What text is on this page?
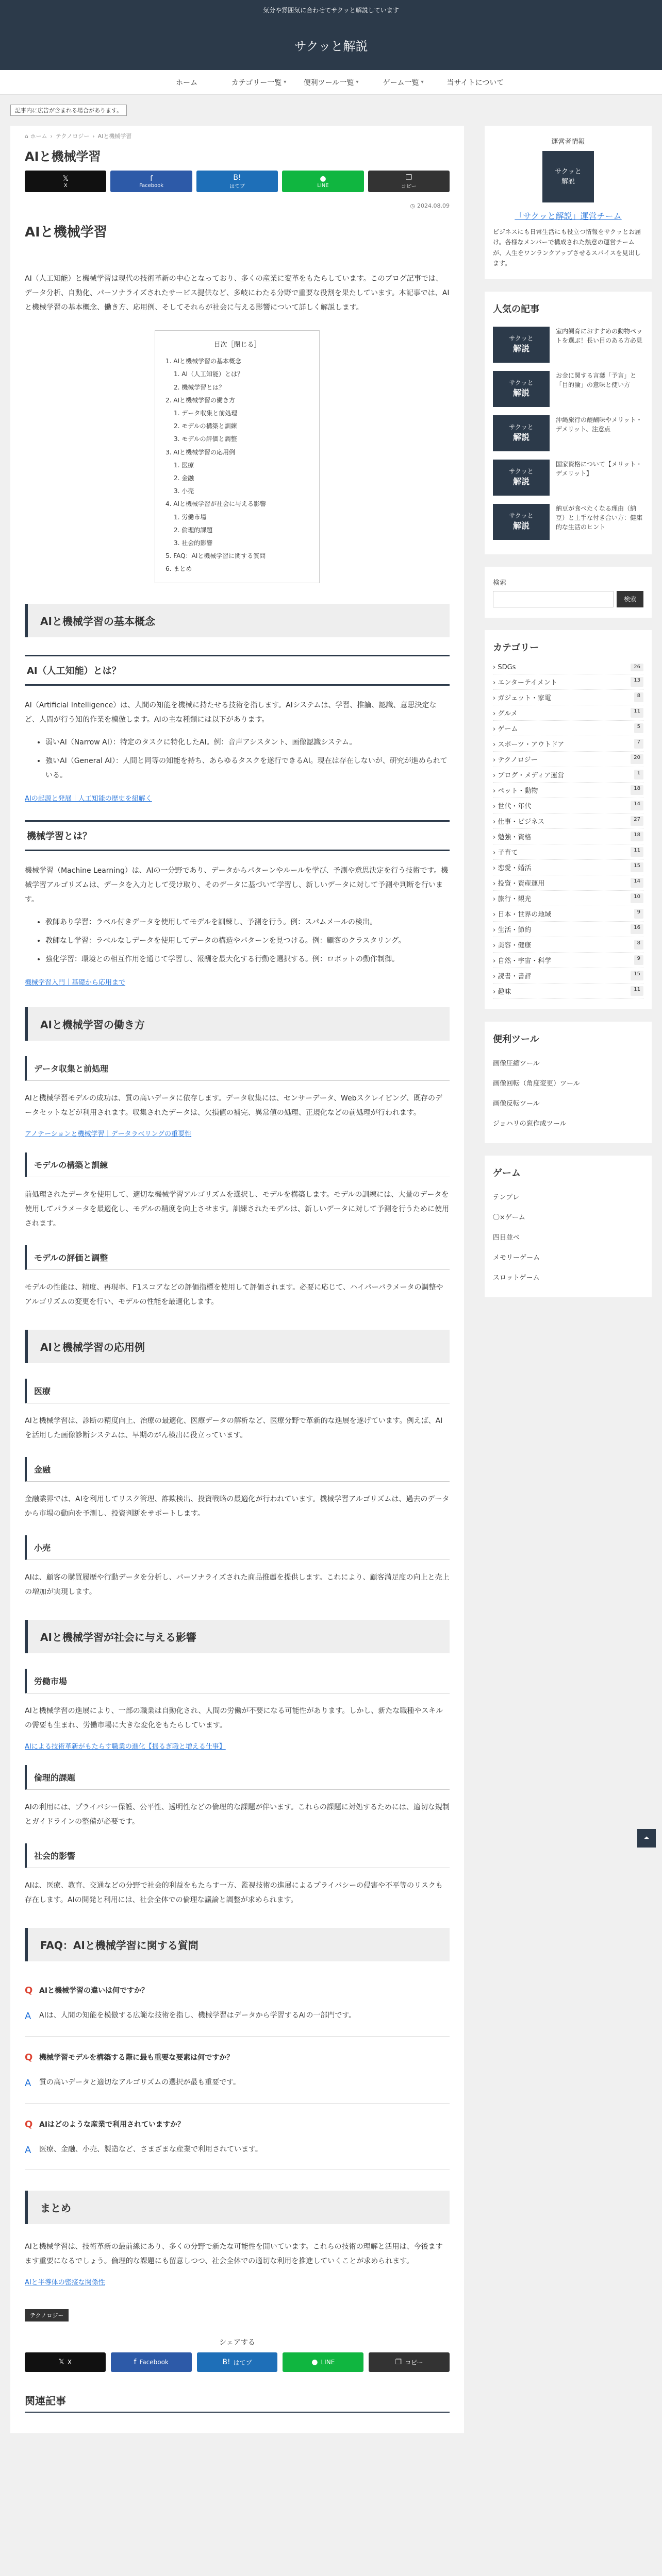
気分や雰囲気に合わせてサクッと解説しています
サクッと解説
ホーム	カテゴリー一覧 ▾ 便利ツール一覧 ▾	ゲーム一覧 ▾	当サイトについて
記事内に広告が含まれる場合があります。
⌂ ホーム › テクノロジー › AIと機械学習
AIと機械学習
𝕏
X
f
Facebook
B!
はてブ
●
LINE
❐
コピー
◷ 2024.08.09
AIと機械学習

AI（人工知能）と機械学習は現代の技術革新の中心となっており、多くの産業に変革をもたらしています。このブログ記事では、データ分析、自動化、パーソナライズされたサービス提供など、多岐にわたる分野で重要な役割を果たしています。本記事では、AIと機械学習の基本概念、働き方、応用例、そしてそれらが社会に与える影響について詳しく解説します。

目次［閉じる］
1. AIと機械学習の基本概念
1. AI（人工知能）とは？
2. 機械学習とは？
2. AIと機械学習の働き方
1. データ収集と前処理
2. モデルの構築と訓練
3. モデルの評価と調整
3. AIと機械学習の応用例
1. 医療
2. 金融
3. 小売
4. AIと機械学習が社会に与える影響
1. 労働市場
2. 倫理的課題
3. 社会的影響
5. FAQ：AIと機械学習に関する質問
6. まとめ
AIと機械学習の基本概念
AI（人工知能）とは？

AI（Artificial Intelligence）は、人間の知能を機械に持たせる技術を指します。AIシステムは、学習、推論、認識、意思決定など、人間が行う知的作業を模倣します。AIの主な種類には以下があります。

• 弱いAI（Narrow AI）：特定のタスクに特化したAI。例：音声アシスタント、画像認識システム。
• 強いAI（General AI）：人間と同等の知能を持ち、あらゆるタスクを遂行できるAI。現在は存在しないが、研究が進められている。
AIの起源と発展｜人工知能の歴史を紐解く
機械学習とは？

機械学習（Machine Learning）は、AIの一分野であり、データからパターンやルールを学び、予測や意思決定を行う技術です。機械学習アルゴリズムは、データを入力として受け取り、そのデータに基づいて学習し、新しいデータに対して予測や判断を行います。

• 教師あり学習：ラベル付きデータを使用してモデルを訓練し、予測を行う。例：スパムメールの検出。
• 教師なし学習：ラベルなしデータを使用してデータの構造やパターンを見つける。例：顧客のクラスタリング。
• 強化学習：環境との相互作用を通じて学習し、報酬を最大化する行動を選択する。例：ロボットの動作制御。
機械学習入門｜基礎から応用まで
AIと機械学習の働き方
データ収集と前処理

AIと機械学習モデルの成功は、質の高いデータに依存します。データ収集には、センサーデータ、Webスクレイピング、既存のデータセットなどが利用されます。収集されたデータは、欠損値の補完、異常値の処理、正規化などの前処理が行われます。

アノテーションと機械学習｜データラベリングの重要性
モデルの構築と訓練

前処理されたデータを使用して、適切な機械学習アルゴリズムを選択し、モデルを構築します。モデルの訓練には、大量のデータを使用してパラメータを最適化し、モデルの精度を向上させます。訓練されたモデルは、新しいデータに対して予測を行うために使用されます。

モデルの評価と調整

モデルの性能は、精度、再現率、F1スコアなどの評価指標を使用して評価されます。必要に応じて、ハイパーパラメータの調整やアルゴリズムの変更を行い、モデルの性能を最適化します。

AIと機械学習の応用例
医療

AIと機械学習は、診断の精度向上、治療の最適化、医療データの解析など、医療分野で革新的な進展を遂げています。例えば、AIを活用した画像診断システムは、早期のがん検出に役立っています。

金融

金融業界では、AIを利用してリスク管理、詐欺検出、投資戦略の最適化が行われています。機械学習アルゴリズムは、過去のデータから市場の動向を予測し、投資判断をサポートします。

小売

AIは、顧客の購買履歴や行動データを分析し、パーソナライズされた商品推薦を提供します。これにより、顧客満足度の向上と売上の増加が実現します。

AIと機械学習が社会に与える影響
労働市場

AIと機械学習の進展により、一部の職業は自動化され、人間の労働が不要になる可能性があります。しかし、新たな職種やスキルの需要も生まれ、労働市場に大きな変化をもたらしています。

AIによる技術革新がもたらす職業の進化【揺るぎ職と増える仕事】
倫理的課題

AIの利用には、プライバシー保護、公平性、透明性などの倫理的な課題が伴います。これらの課題に対処するためには、適切な規制とガイドラインの整備が必要です。

社会的影響

AIは、医療、教育、交通などの分野で社会的利益をもたらす一方、監視技術の進展によるプライバシーの侵害や不平等のリスクも存在します。AIの開発と利用には、社会全体での倫理な議論と調整が求められます。

FAQ：AIと機械学習に関する質問
Q AIと機械学習の違いは何ですか？
A AIは、人間の知能を模倣する広範な技術を指し、機械学習はデータから学習するAIの一部門です。
Q 機械学習モデルを構築する際に最も重要な要素は何ですか？
A 質の高いデータと適切なアルゴリズムの選択が最も重要です。
Q AIはどのような産業で利用されていますか？
A 医療、金融、小売、製造など、さまざまな産業で利用されています。
まとめ

AIと機械学習は、技術革新の最前線にあり、多くの分野で新たな可能性を開いています。これらの技術の理解と活用は、今後ますます重要になるでしょう。倫理的な課題にも留意しつつ、社会全体での適切な利用を推進していくことが求められます。

AIと半導体の密接な関係性
テクノロジー
シェアする
𝕏 X	f Facebook	B! はてブ	● LINE	❐ コピー
関連記事
運営者情報
サクッと
解説
「サクッと解説」運営チーム
ビジネスにも日常生活にも役立つ情報をサクッとお届け。各様なメンバーで構成された熱意の運営チームが、人生をワンランクアップさせるスパイスを見出します。
人気の記事
サクッと
解説
室内飼育におすすめの動物ペットを選ぶ！長い目のある方必見
サクッと
解説
お金に関する言葉「予言」と「目的論」の意味と使い方
サクッと
解説
沖縄旅行の醍醐味やメリット・デメリット、注意点
サクッと
解説
国家資格について【メリット・デメリット】
サクッと
解説
納豆が食べたくなる理由（納豆）と上手な付き合い方：健康的な生活のヒント
検索
検索
カテゴリー
› SDGs	26
› エンターテイメント	13
› ガジェット・家電	8
› グルメ	11
› ゲーム	5
› スポーツ・アウトドア	7
› テクノロジー	20
› ブログ・メディア運営	1
› ペット・動物	18
› 世代・年代	14
› 仕事・ビジネス	27
› 勉強・資格	18
› 子育て	11
› 恋愛・婚活	15
› 投資・資産運用	14
› 旅行・観光	10
› 日本・世界の地域	9
› 生活・節約	16
› 美容・健康	8
› 自然・宇宙・科学	9
› 読書・書評	15
› 趣味	11
便利ツール
画像圧縮ツール
画像回転（角度変更）ツール
画像反転ツール
ジョハリの窓作成ツール
ゲーム
テンプレ
〇×ゲーム
四目並べ
メモリーゲーム
スロットゲーム
⏶
